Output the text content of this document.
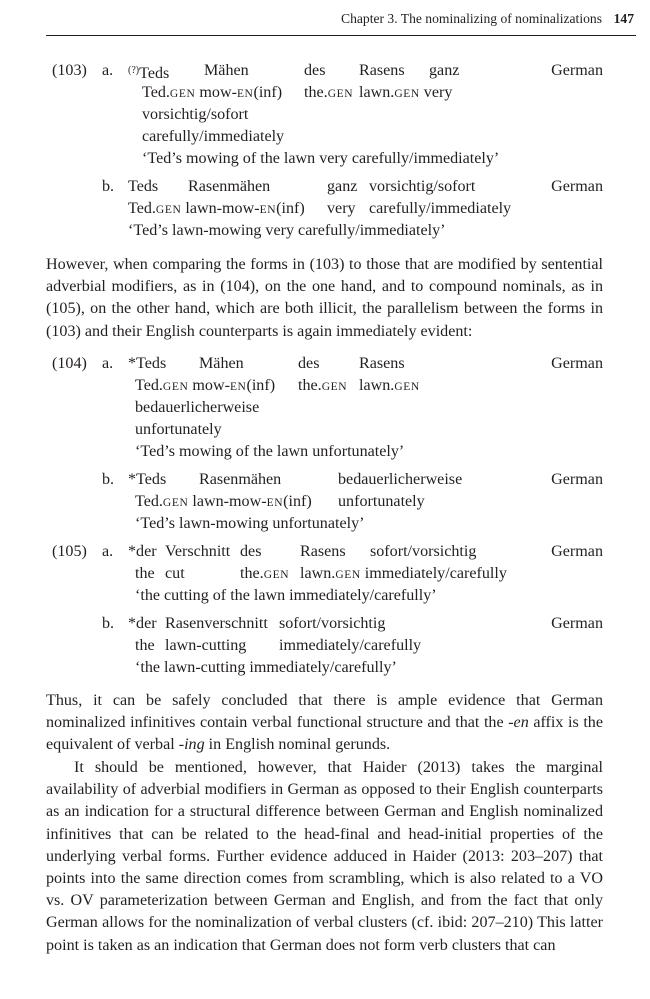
Chapter 3. The nominalizing of nominalizations 147
(103) a. (?)Teds Mähen	des Rasens ganz	German
Ted.GEN mow-EN(inf) the.GEN lawn.GEN very
vorsichtig/sofort
carefully/immediately
‘Ted’s mowing of the lawn very carefully/immediately’
b. Teds Rasenmähen	ganz vorsichtig/sofort	German
Ted.GEN lawn-mow-EN(inf) very carefully/immediately
‘Ted’s lawn-mowing very carefully/immediately’

However, when comparing the forms in (103) to those that are modified by sentential adverbial modifiers, as in (104), on the one hand, and to compound nominals, as in (105), on the other hand, which are both illicit, the parallelism between the forms in (103) and their English counterparts is again immediately evident:

(104) a. *Teds Mähen	des Rasens	German
Ted.GEN mow-EN(inf) the.GEN lawn.GEN
bedauerlicherweise
unfortunately
‘Ted’s mowing of the lawn unfortunately’
b. *Teds Rasenmähen	bedauerlicherweise	German
Ted.GEN lawn-mow-EN(inf) unfortunately
‘Ted’s lawn-mowing unfortunately’
(105) a. *der Verschnitt des Rasens sofort/vorsichtig	German
the cut	the.GEN lawn.GEN immediately/carefully
‘the cutting of the lawn immediately/carefully’
b. *der Rasenverschnitt sofort/vorsichtig	German
the lawn-cutting immediately/carefully
‘the lawn-cutting immediately/carefully’

Thus, it can be safely concluded that there is ample evidence that German nominalized infinitives contain verbal functional structure and that the -en affix is the equivalent of verbal -ing in English nominal gerunds.

It should be mentioned, however, that Haider (2013) takes the marginal availability of adverbial modifiers in German as opposed to their English counterparts as an indication for a structural difference between German and English nominalized infinitives that can be related to the head-final and head-initial properties of the underlying verbal forms. Further evidence adduced in Haider (2013: 203–207) that points into the same direction comes from scrambling, which is also related to a VO vs. OV parameterization between German and English, and from the fact that only German allows for the nominalization of verbal clusters (cf. ibid: 207–210) This latter point is taken as an indication that German does not form verb clusters that can
